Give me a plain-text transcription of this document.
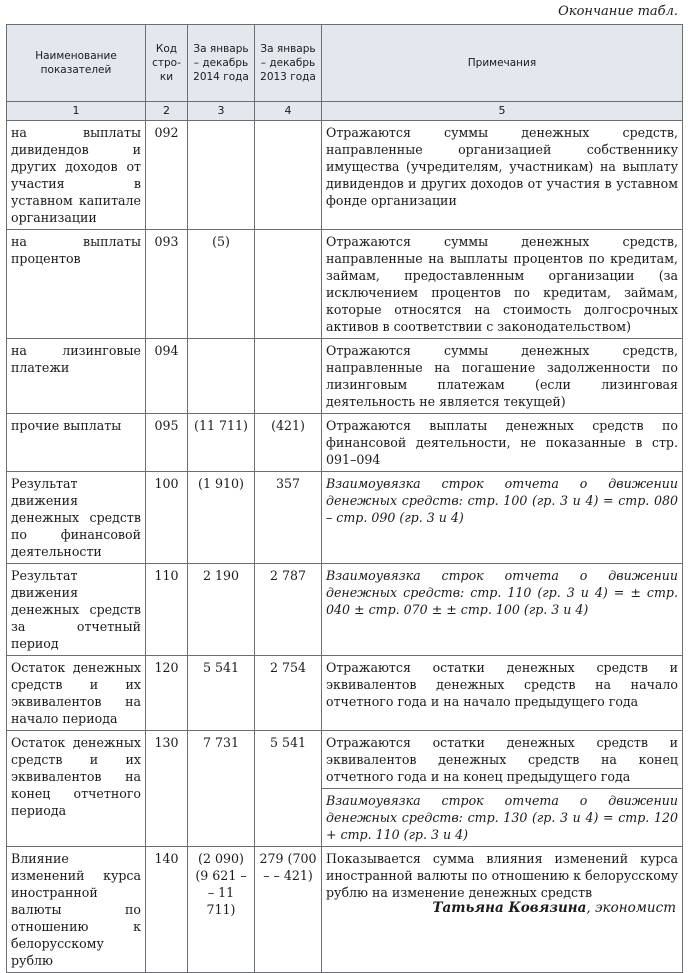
Окончание табл.
Наименование показателей	Код стро-ки	За январь – декабрь 2014 года	За январь – декабрь 2013 года	Примечания
1	2	3	4	5
на выплаты дивидендов и других доходов от участия в уставном капитале организации	092			Отражаются суммы денежных средств, направленные организацией собственнику имущества (учредителям, участникам) на выплату дивидендов и других доходов от участия в уставном фонде организации
на выплаты процентов	093	(5)		Отражаются суммы денежных средств, направленные на выплаты процентов по кредитам, займам, предоставленным организации (за исключением процентов по кредитам, займам, которые относятся на стоимость долгосрочных активов в соответствии с законодательством)
на лизинговые платежи	094			Отражаются суммы денежных средств, направленные на погашение задолженности по лизинговым платежам (если лизинговая деятельность не является текущей)
прочие выплаты	095	(11 711)	(421)	Отражаются выплаты денежных средств по финансовой деятельности, не показанные в стр. 091–094
Результат движения денежных средств по финансовой деятельности	100	(1 910)	357	Взаимоувязка строк отчета о движении денежных средств: стр. 100 (гр. 3 и 4) = стр. 080 – стр. 090 (гр. 3 и 4)
Результат движения денежных средств за отчетный период	110	2 190	2 787	Взаимоувязка строк отчета о движении денежных средств: стр. 110 (гр. 3 и 4) = ± стр. 040 ± стр. 070 ± ± стр. 100 (гр. 3 и 4)
Остаток денежных средств и их эквивалентов на начало периода	120	5 541	2 754	Отражаются остатки денежных средств и эквивалентов денежных средств на начало отчетного года и на начало предыдущего года
Остаток денежных средств и их эквивалентов на конец отчетного периода	130	7 731	5 541	Отражаются остатки денежных средств и эквивалентов денежных средств на конец отчетного года и на конец предыдущего года
				Взаимоувязка строк отчета о движении денежных средств: стр. 130 (гр. 3 и 4) = стр. 120 + стр. 110 (гр. 3 и 4)
Влияние изменений курса иностранной валюты по отношению к белорусскому рублю	140	(2 090) (9 621 – – 11 711)	279 (700 – – 421)	Показывается сумма влияния изменений курса иностранной валюты по отношению к белорусскому рублю на изменение денежных средств
Татьяна Ковязина, экономист
